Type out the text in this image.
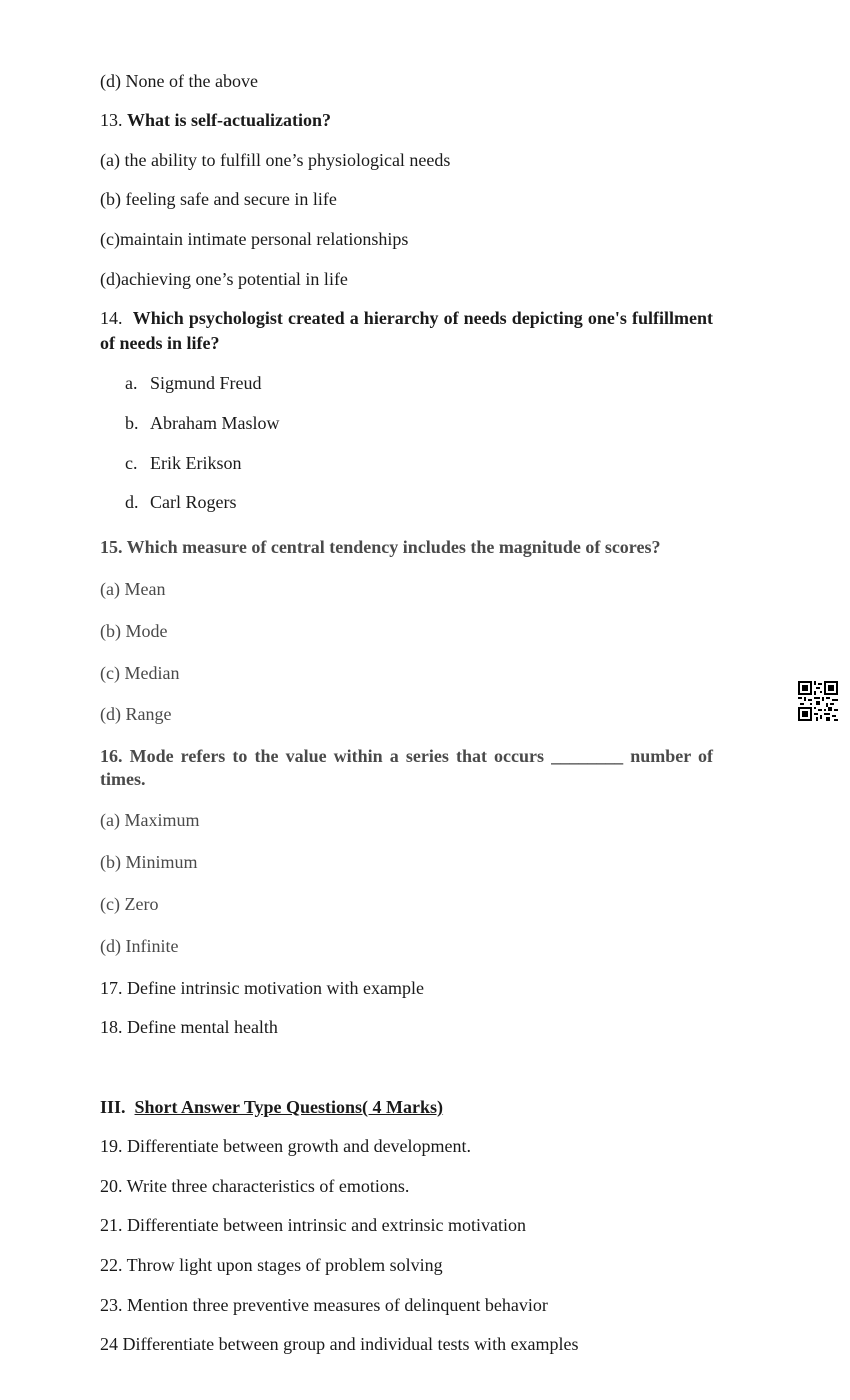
(d) None of the above
13. What is self-actualization?
(a) the ability to fulfill one’s physiological needs
(b) feeling safe and secure in life
(c)maintain intimate personal relationships
(d)achieving one’s potential in life
14. Which psychologist created a hierarchy of needs depicting one's fulfillment of needs in life?
a. Sigmund Freud
b. Abraham Maslow
c. Erik Erikson
d. Carl Rogers
15. Which measure of central tendency includes the magnitude of scores?
(a) Mean
(b) Mode
(c) Median
(d) Range
16. Mode refers to the value within a series that occurs ________ number of times.
(a) Maximum
(b) Minimum
(c) Zero
(d) Infinite
17. Define intrinsic motivation with example
18. Define mental health
III. Short Answer Type Questions( 4 Marks)
19. Differentiate between growth and development.
20. Write three characteristics of emotions.
21. Differentiate between intrinsic and extrinsic motivation
22. Throw light upon stages of problem solving
23. Mention three preventive measures of delinquent behavior
24 Differentiate between group and individual tests with examples
